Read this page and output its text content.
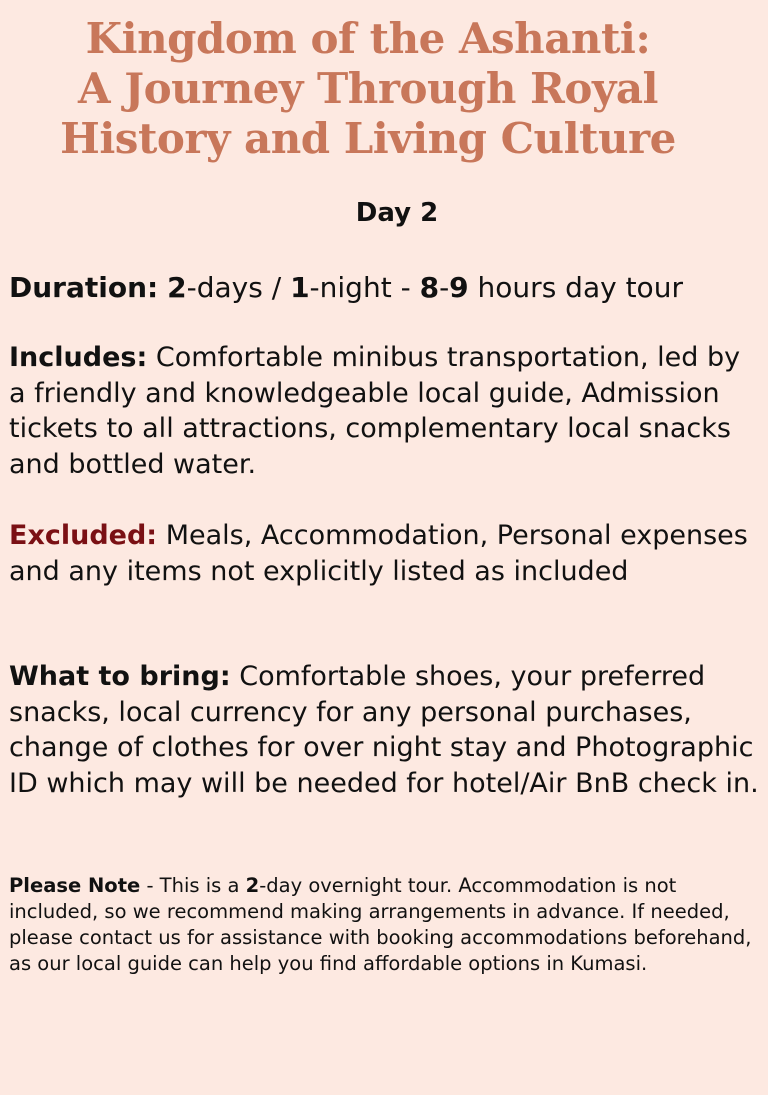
Kingdom of the Ashanti:
A Journey Through Royal
History and Living Culture
Day 2

Duration: 2-days / 1-night - 8-9 hours day tour

Includes: Comfortable minibus transportation, led by a friendly and knowledgeable local guide, Admission tickets to all attractions, complementary local snacks and bottled water.

Excluded: Meals, Accommodation, Personal expenses and any items not explicitly listed as included

What to bring: Comfortable shoes, your preferred snacks, local currency for any personal purchases, change of clothes for over night stay and Photographic ID which may will be needed for hotel/Air BnB check in.

Please Note - This is a 2-day overnight tour. Accommodation is not included, so we recommend making arrangements in advance. If needed, please contact us for assistance with booking accommodations beforehand, as our local guide can help you find affordable options in Kumasi.
